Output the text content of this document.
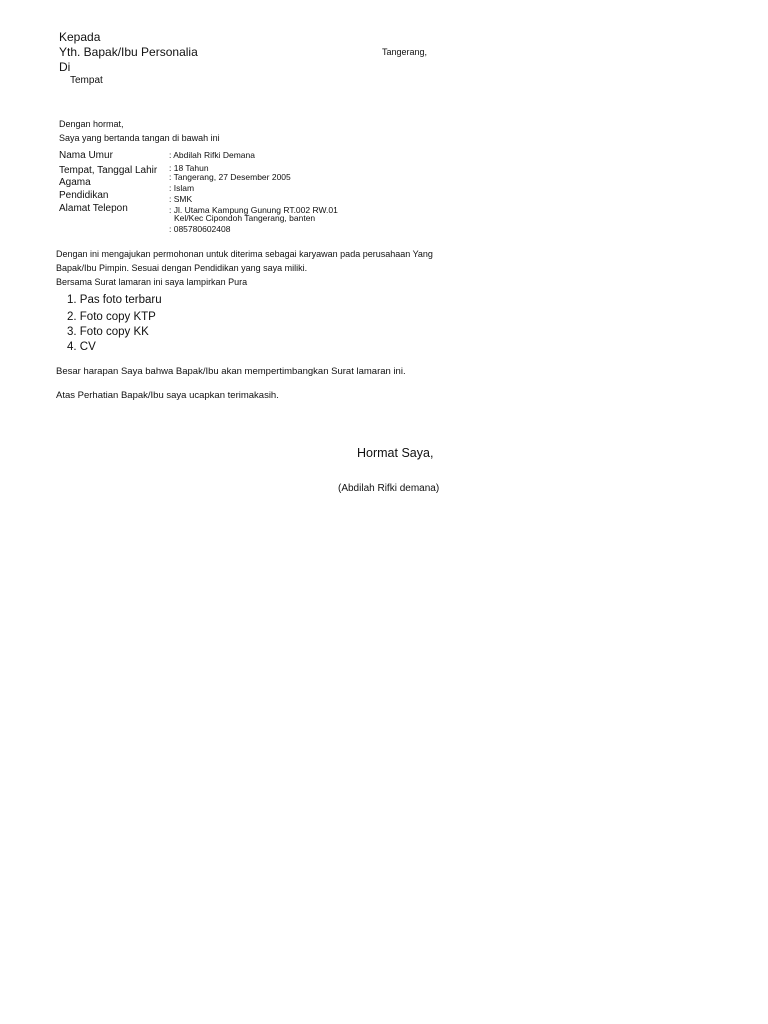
Kepada
Yth. Bapak/Ibu Personalia	Tangerang,
Di
Tempat
Dengan hormat,
Saya yang bertanda tangan di bawah ini
Nama Umur
Tempat, Tanggal Lahir
Agama
Pendidikan
Alamat Telepon
: Abdilah Rifki Demana
: 18 Tahun
: Tangerang, 27 Desember 2005
: Islam
: SMK
: Jl. Utama Kampung Gunung RT.002 RW.01
Kel/Kec Cipondoh Tangerang, banten
: 085780602408
Dengan ini mengajukan permohonan untuk diterima sebagai karyawan pada perusahaan Yang
Bapak/Ibu Pimpin. Sesuai dengan Pendidikan yang saya miliki.
Bersama Surat lamaran ini saya lampirkan Pura
1. Pas foto terbaru
2. Foto copy KTP
3. Foto copy KK
4. CV
Besar harapan Saya bahwa Bapak/Ibu akan mempertimbangkan Surat lamaran ini.
Atas Perhatian Bapak/Ibu saya ucapkan terimakasih.
Hormat Saya,
(Abdilah Rifki demana)
